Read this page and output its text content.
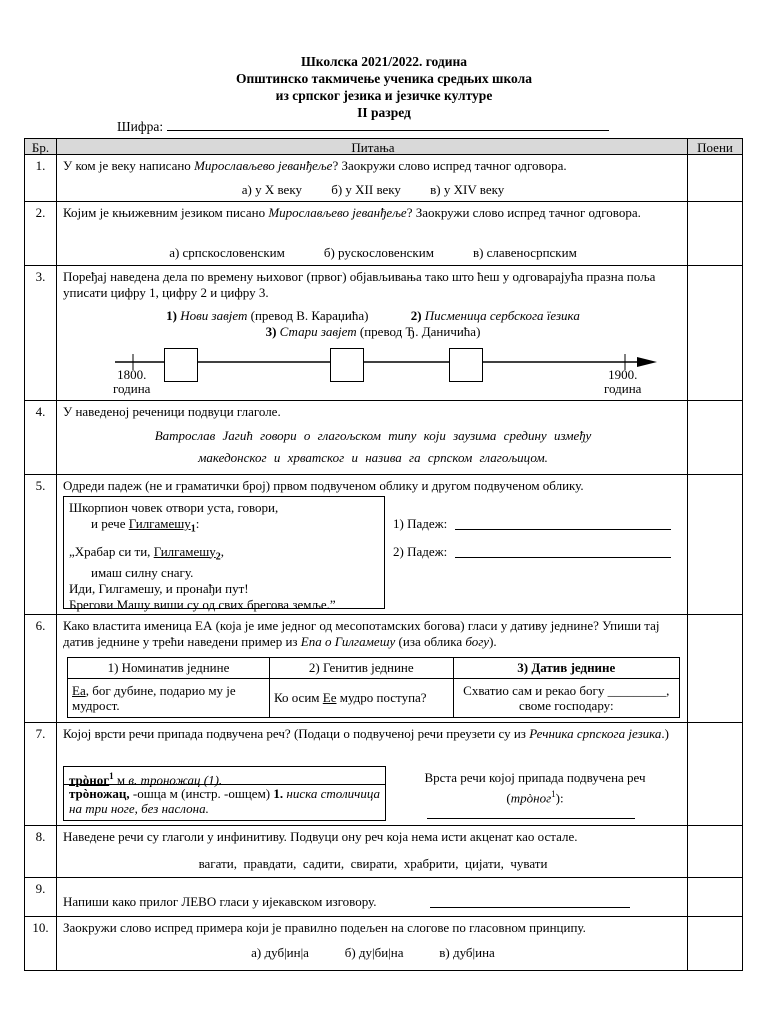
Школска 2021/2022. година
Општинско такмичење ученика средњих школа
из српског језика и језичке културе
II разред
Шифра:
Бр.	Питања	Поени
1.	У ком је веку написано Мирослављево јеванђеље? Заокружи слово испред тачног одговора.
а) у X веку б) у XII веку в) у XIV веку
2.	Којим је књижевним језиком писано Мирослављево јеванђеље? Заокружи слово испред тачног одговора.
а) српскословенским	б) рускословенским	в) славеносрпским
3.	Поређај наведена дела по времену њиховог (првог) објављивања тако што ћеш у одговарајућа празна поља уписати цифру 1, цифру 2 и цифру 3.
1) Нови завјет (превод В. Караџића)	2) Писменица сербскога їезика
3) Стари завјет (превод Ђ. Даничића)
1800.
година
1900.
година
4.	У наведеној реченици подвуци глаголе.
Ватрослав Јагић говори о глагољском типу који заузима средину између
македонског и хрватског и назива га српском глагољицом.
5.	Одреди падеж (не и граматички број) првом подвученом облику и другом подвученом облику.
Шкорпион човек отвори уста, говори,
и рече Гилгамешу$_1$:
„Храбар си ти, Гилгамешу$_2$,
имаш силну снагу.
Иди, Гилгамешу, и пронађи пут!
Брегови Машу виши су од свих брегова земље.”
1) Падеж:
2) Падеж:
6.	Како властита именица ЕА (која је име једног од месопотамских богова) гласи у дативу једнине? Упиши тај датив једнине у трећи наведени пример из Епа о Гилгамешу (иза облика богу).
1) Номинатив једнине	2) Генитив једнине	3) Датив једнине
Еа, бог дубине, подарио му је мудрост.	Ко осим Ее мудро поступа?	Схватио сам и рекао богу _________,
своме господару:
7.	Којој врсти речи припада подвучена реч? (Подаци о подвученој речи преузети су из Речника српскога језика.)
трòног$^1$ м в. троножац (1).
трòножац, -ошца м (инстр. -ошцем) 1. ниска столичица на три ноге, без наслона.
Врста речи којој припада подвучена реч
(трòног$^1$):
8.	Наведене речи су глаголи у инфинитиву. Подвуци ону реч која нема исти акценат као остале.
вагати,  правдати,  садити,  свирати,  храбрити,  цијати,  чувати
9.
Напиши како прилог ЛЕВО гласи у ијекавском изговору.
10.	Заокружи слово испред примера који је правилно подељен на слогове по гласовном принципу.
а) дуб|ин|а	б) ду|би|на	в) дуб|ина
